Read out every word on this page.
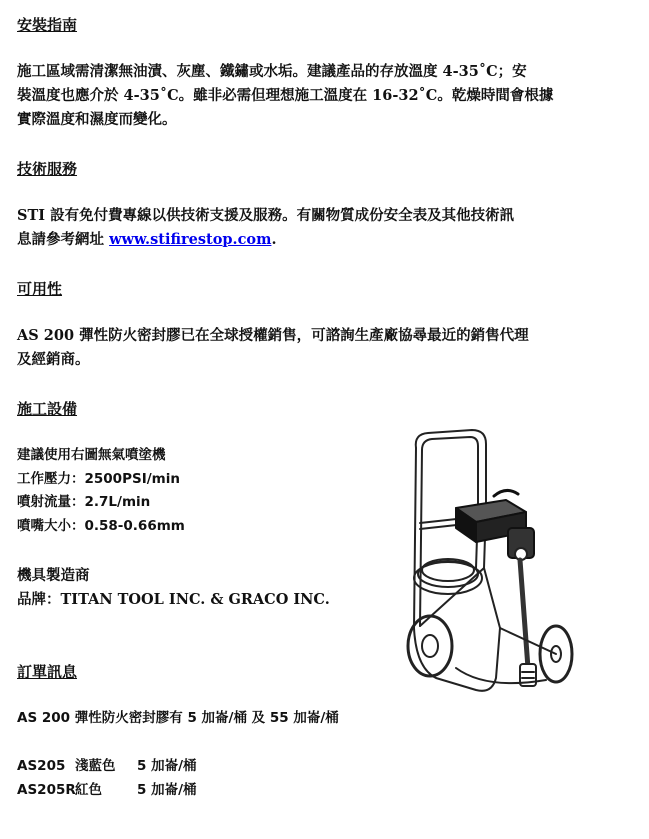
安裝指南
施工區域需清潔無油漬、灰塵、鐵鏽或水垢。建議產品的存放溫度 4-35˚C；安
裝溫度也應介於 4-35˚C。雖非必需但理想施工溫度在 16-32˚C。乾燥時間會根據
實際溫度和濕度而變化。
技術服務
STI 設有免付費專線以供技術支援及服務。有關物質成份安全表及其他技術訊
息請參考網址 www.stifirestop.com.
可用性
AS 200 彈性防火密封膠已在全球授權銷售，可諮詢生產廠協尋最近的銷售代理
及經銷商。
施工設備
建議使用右圖無氣噴塗機
工作壓力：2500PSI/min
噴射流量：2.7L/min
噴嘴大小：0.58-0.66mm
機具製造商
品牌：TITAN TOOL INC. & GRACO INC.
訂單訊息
AS 200 彈性防火密封膠有 5 加崙/桶 及 55 加崙/桶
AS205 淺藍色 5 加崙/桶
AS205R紅色	5 加崙/桶
